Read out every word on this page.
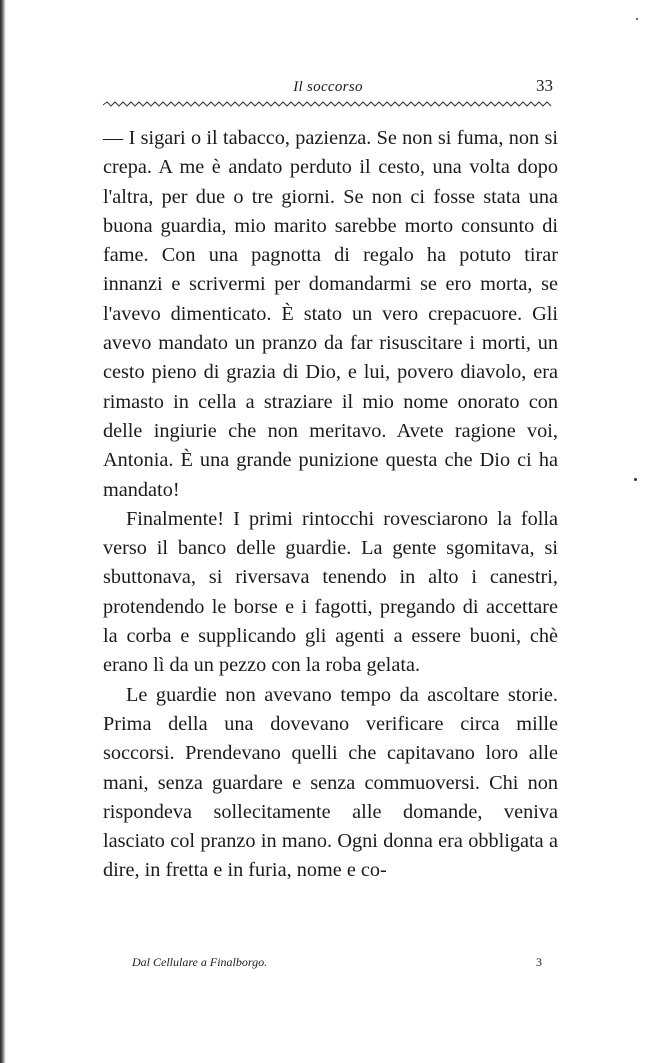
Il soccorso	33

— I sigari o il tabacco, pazienza. Se non si fuma, non si crepa. A me è andato perduto il cesto, una volta dopo l'altra, per due o tre giorni. Se non ci fosse stata una buona guardia, mio marito sarebbe morto consunto di fame. Con una pagnotta di regalo ha potuto tirar innanzi e scrivermi per domandarmi se ero morta, se l'avevo dimenticato. È stato un vero crepacuore. Gli avevo mandato un pranzo da far risuscitare i morti, un cesto pieno di grazia di Dio, e lui, povero diavolo, era rimasto in cella a straziare il mio nome onorato con delle ingiurie che non meritavo. Avete ragione voi, Antonia. È una grande punizione questa che Dio ci ha mandato!

Finalmente! I primi rintocchi rovesciarono la folla verso il banco delle guardie. La gente sgomitava, si sbuttonava, si riversava tenendo in alto i canestri, protendendo le borse e i fagotti, pregando di accettare la corba e supplicando gli agenti a essere buoni, chè erano lì da un pezzo con la roba gelata.

Le guardie non avevano tempo da ascoltare storie. Prima della una dovevano verificare circa mille soccorsi. Prendevano quelli che capitavano loro alle mani, senza guardare e senza commuoversi. Chi non rispondeva sollecitamente alle domande, veniva lasciato col pranzo in mano. Ogni donna era obbligata a dire, in fretta e in furia, nome e co-

Dal Cellulare a Finalborgo.	3
